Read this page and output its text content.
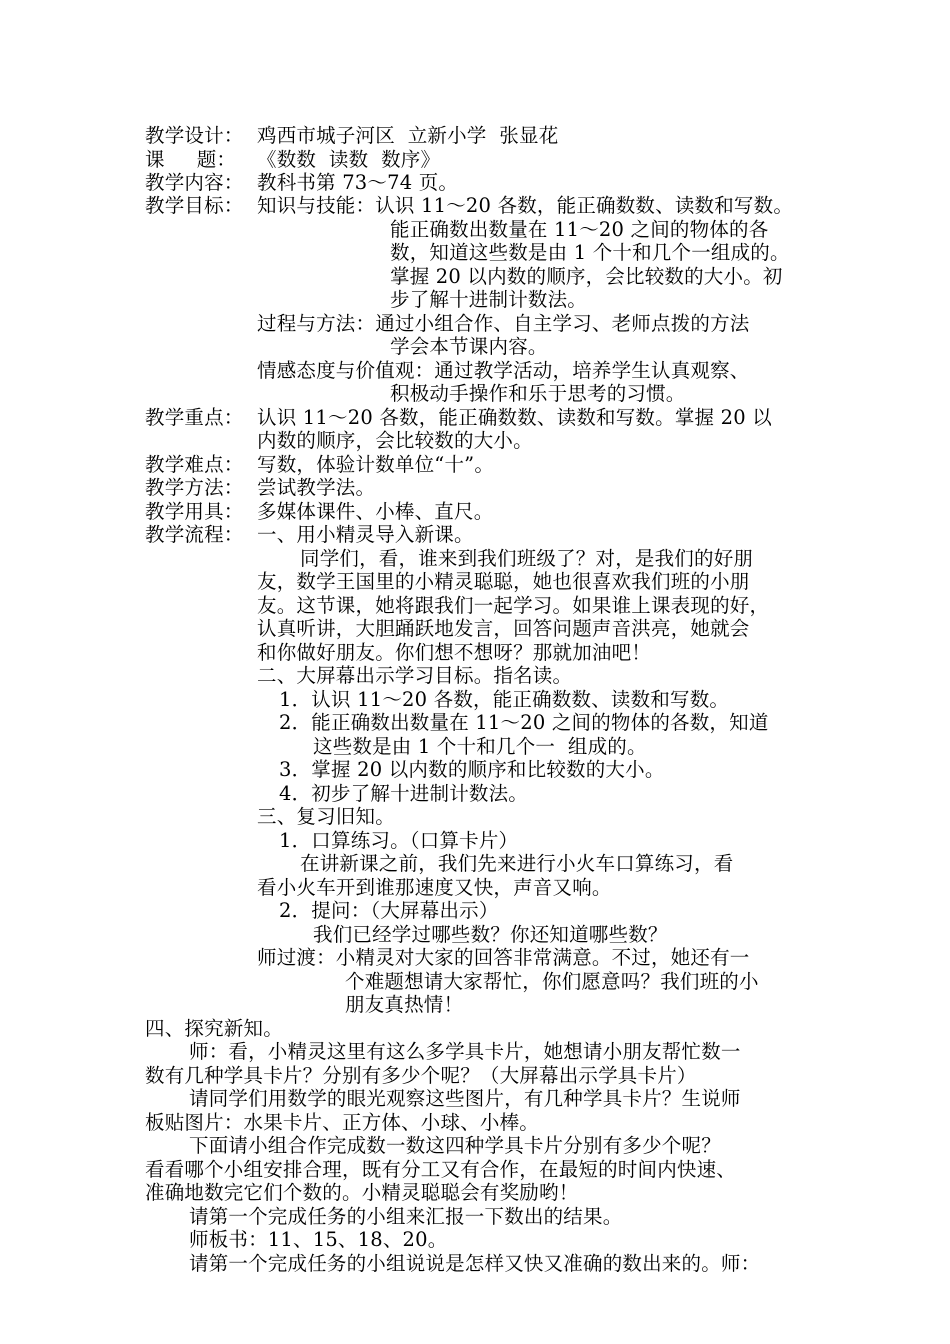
教学设计： 鸡西市城子河区  立新小学  张显花
课     题： 《数数  读数  数序》
教学内容： 教科书第 73～74 页。
教学目标： 知识与技能：认识 11～20 各数，能正确数数、读数和写数。
能正确数出数量在 11～20 之间的物体的各
数，知道这些数是由 1 个十和几个一组成的。
掌握 20 以内数的顺序，会比较数的大小。初
步了解十进制计数法。
过程与方法：通过小组合作、自主学习、老师点拨的方法
学会本节课内容。
情感态度与价值观：通过教学活动，培养学生认真观察、
积极动手操作和乐于思考的习惯。
教学重点： 认识 11～20 各数，能正确数数、读数和写数。掌握 20 以
内数的顺序，会比较数的大小。
教学难点： 写数，体验计数单位“十”。
教学方法： 尝试教学法。
教学用具： 多媒体课件、小棒、直尺。
教学流程： 一、用小精灵导入新课。
同学们，看，谁来到我们班级了？对，是我们的好朋
友，数学王国里的小精灵聪聪，她也很喜欢我们班的小朋
友。这节课，她将跟我们一起学习。如果谁上课表现的好，
认真听讲，大胆踊跃地发言，回答问题声音洪亮，她就会
和你做好朋友。你们想不想呀？那就加油吧！
二、大屏幕出示学习目标。指名读。
1．认识 11～20 各数，能正确数数、读数和写数。
2．能正确数出数量在 11～20 之间的物体的各数，知道
这些数是由 1 个十和几个一  组成的。
3．掌握 20 以内数的顺序和比较数的大小。
4．初步了解十进制计数法。
三、复习旧知。
1．口算练习。（口算卡片）
在讲新课之前，我们先来进行小火车口算练习，看
看小火车开到谁那速度又快，声音又响。
2．提问：（大屏幕出示）
我们已经学过哪些数？你还知道哪些数？
师过渡：小精灵对大家的回答非常满意。不过，她还有一
个难题想请大家帮忙，你们愿意吗？我们班的小
朋友真热情！
四、探究新知。
师：看，小精灵这里有这么多学具卡片，她想请小朋友帮忙数一
数有几种学具卡片？分别有多少个呢？（大屏幕出示学具卡片）
请同学们用数学的眼光观察这些图片，有几种学具卡片？生说师
板贴图片：水果卡片、正方体、小球、小棒。
下面请小组合作完成数一数这四种学具卡片分别有多少个呢？
看看哪个小组安排合理，既有分工又有合作，在最短的时间内快速、
准确地数完它们个数的。小精灵聪聪会有奖励哟！
请第一个完成任务的小组来汇报一下数出的结果。
师板书：11、15、18、20。
请第一个完成任务的小组说说是怎样又快又准确的数出来的。师：
